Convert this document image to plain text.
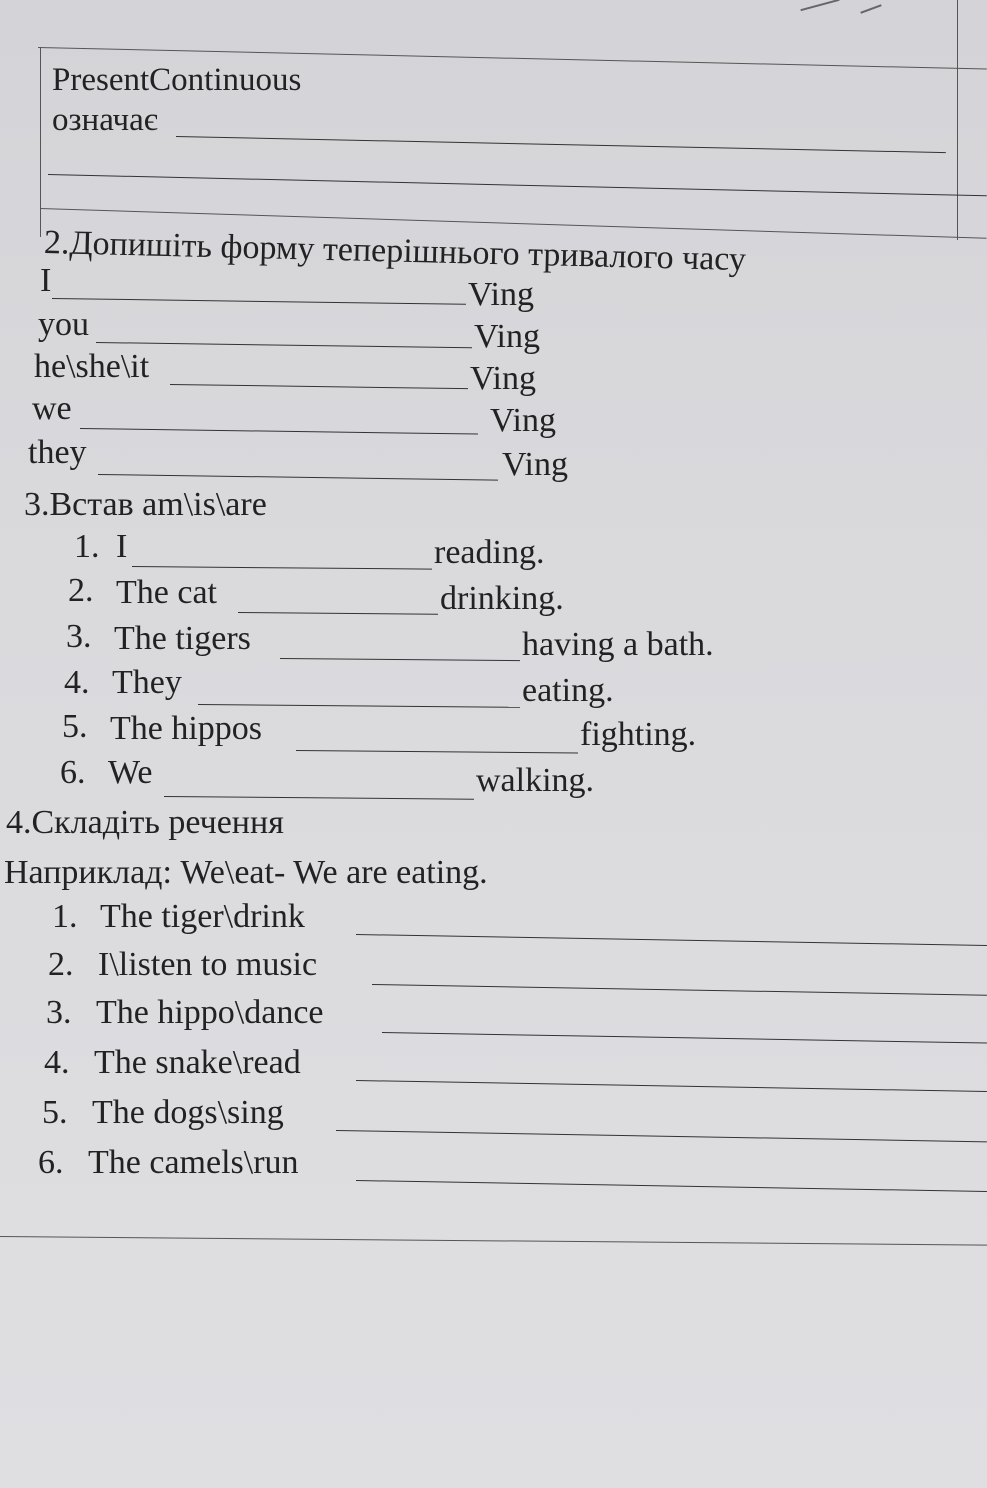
PresentContinuous
означає
2.Допишіть форму теперішнього тривалого часу
I	Ving
you	Ving
he\she\it	Ving
we	Ving
they	Ving
3.Встав am\is\are
1. I	reading.
2. The cat	drinking.
3. The tigers	having a bath.
4. They	eating.
5. The hippos	fighting.
6. We	walking.
4.Складіть речення
Наприклад: We\eat- We are eating.
1. The tiger\drink
2. I\listen to music
3. The hippo\dance
4. The snake\read
5. The dogs\sing
6. The camels\run
